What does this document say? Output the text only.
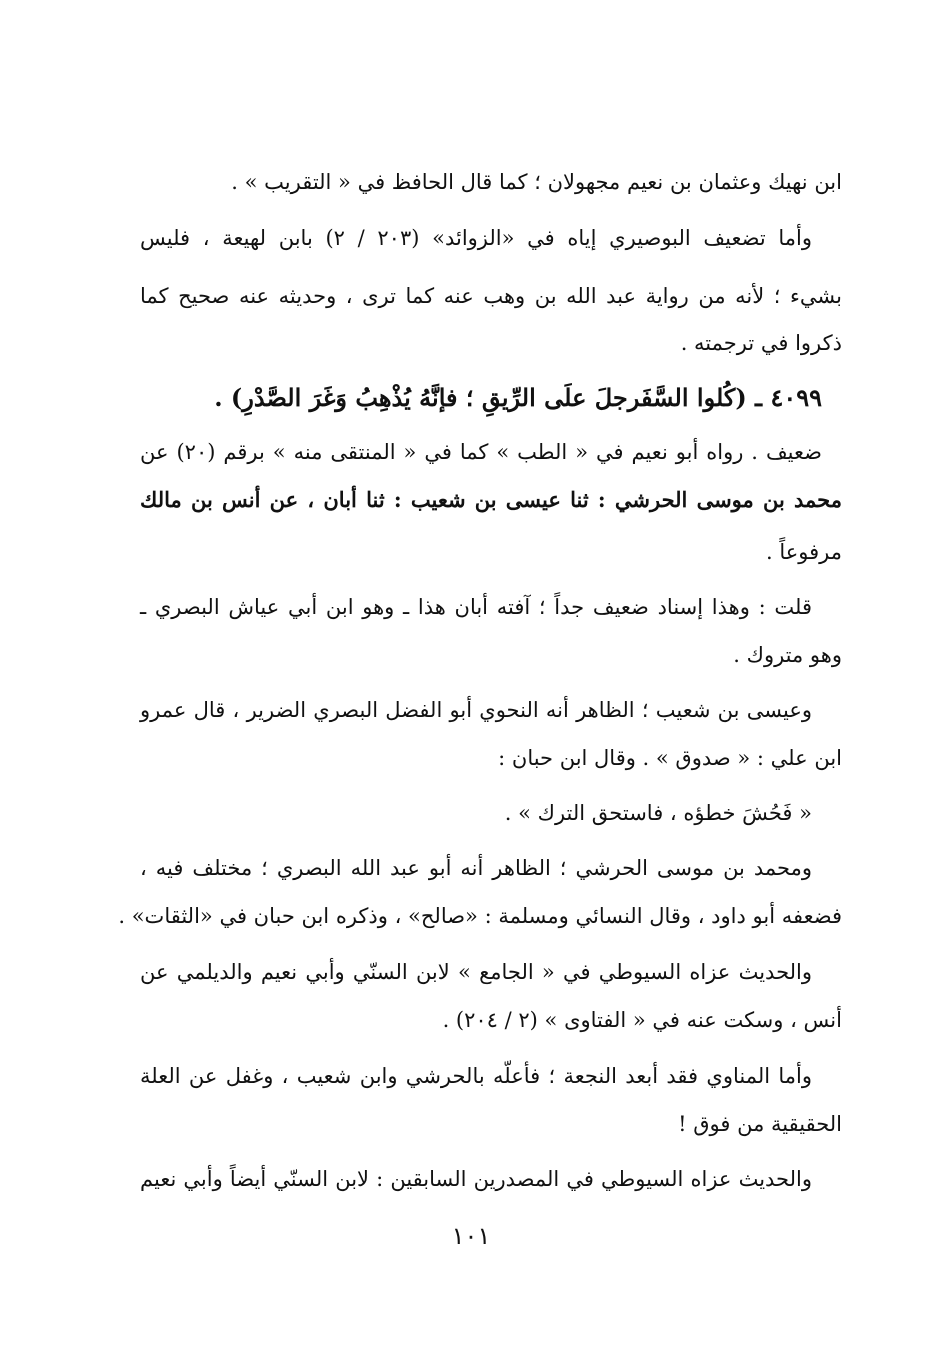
ابن نهيك وعثمان بن نعيم مجهولان ؛ كما قال الحافظ في « التقريب » .
وأما تضعيف البوصيري إياه في «الزوائد» (٢٠٣ / ٢) بابن لهيعة ، فليس
بشيء ؛ لأنه من رواية عبد الله بن وهب عنه كما ترى ، وحديثه عنه صحيح كما
ذكروا في ترجمته .
٤٠٩٩ ـ (كُلوا السَّفَرجلَ علَى الرِّيقِ ؛ فإنَّهُ يُذْهِبُ وَغَرَ الصَّدْرِ) .
ضعيف . رواه أبو نعيم في « الطب » كما في « المنتقى منه » برقم (٢٠) عن
محمد بن موسى الحرشي : ثنا عيسى بن شعيب : ثنا أبان ، عن أنس بن مالك
مرفوعاً .
قلت : وهذا إسناد ضعيف جداً ؛ آفته أبان هذا ـ وهو ابن أبي عياش البصري ـ
وهو متروك .
وعيسى بن شعيب ؛ الظاهر أنه النحوي أبو الفضل البصري الضرير ، قال عمرو
ابن علي : « صدوق » . وقال ابن حبان :
« فَحُشَ خطؤه ، فاستحق الترك » .
ومحمد بن موسى الحرشي ؛ الظاهر أنه أبو عبد الله البصري ؛ مختلف فيه ،
فضعفه أبو داود ، وقال النسائي ومسلمة : «صالح» ، وذكره ابن حبان في «الثقات» .
والحديث عزاه السيوطي في « الجامع » لابن السنّي وأبي نعيم والديلمي عن
أنس ، وسكت عنه في « الفتاوى » (٢ / ٢٠٤) .
وأما المناوي فقد أبعد النجعة ؛ فأعلّه بالحرشي وابن شعيب ، وغفل عن العلة
الحقيقية من فوق !
والحديث عزاه السيوطي في المصدرين السابقين : لابن السنّي أيضاً وأبي نعيم
١٠١
